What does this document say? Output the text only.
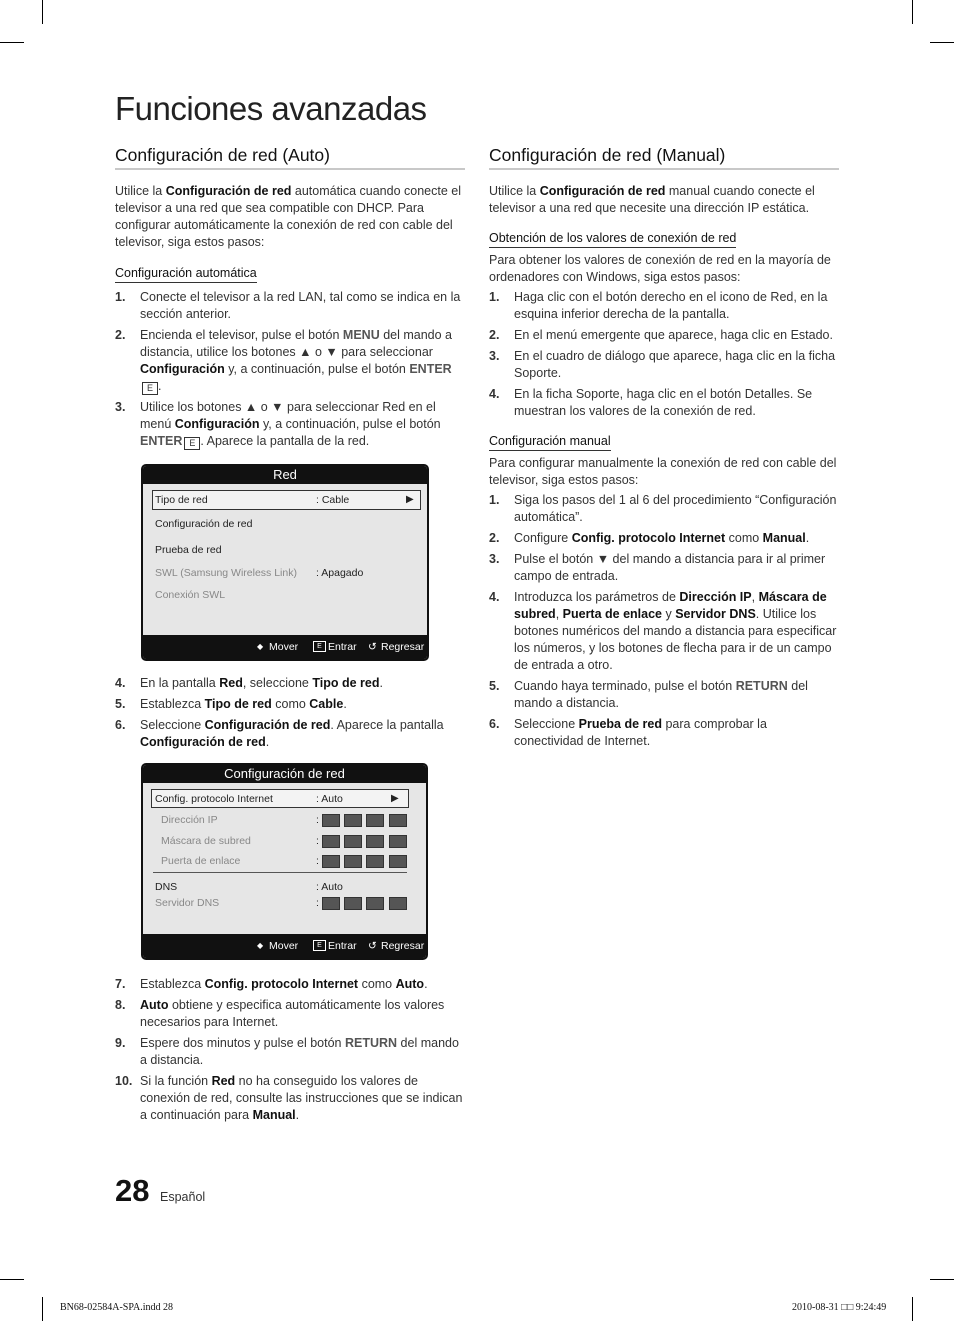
Funciones avanzadas
Configuración de red (Auto)

Utilice la Configuración de red automática cuando conecte el televisor a una red que sea compatible con DHCP. Para configurar automáticamente la conexión de red con cable del televisor, siga estos pasos:

Configuración automática
1. Conecte el televisor a la red LAN, tal como se indica en la sección anterior.
2. Encienda el televisor, pulse el botón MENU del mando a distancia, utilice los botones ▲ o ▼ para seleccionar Configuración y, a continuación, pulse el botón ENTERE .
3. Utilice los botones ▲ o ▼ para seleccionar Red en el menú Configuración y, a continuación, pulse el botón ENTER E . Aparece la pantalla de la red.
Red
Tipo de red	: Cable	▶
Configuración de red
Prueba de red
SWL (Samsung Wireless Link) : Apagado
Conexión SWL
◆ Mover	E Entrar ↺ Regresar
4. En la pantalla Red, seleccione Tipo de red.
5. Establezca Tipo de red como Cable.
6. Seleccione Configuración de red. Aparece la pantalla Configuración de red.
Configuración de red
Config. protocolo Internet	: Auto	▶
Dirección IP	:
Máscara de subred	:
Puerta de enlace	:
DNS	: Auto
Servidor DNS	:
◆ Mover	E Entrar ↺ Regresar
7. Establezca Config. protocolo Internet como Auto.
8. Auto obtiene y especifica automáticamente los valores necesarios para Internet.
9. Espere dos minutos y pulse el botón RETURN del mando a distancia.
10. Si la función Red no ha conseguido los valores de conexión de red, consulte las instrucciones que se indican a continuación para Manual.
Configuración de red (Manual)

Utilice la Configuración de red manual cuando conecte el televisor a una red que necesite una dirección IP estática.

Obtención de los valores de conexión de red

Para obtener los valores de conexión de red en la mayoría de ordenadores con Windows, siga estos pasos:

1. Haga clic con el botón derecho en el icono de Red, en la esquina inferior derecha de la pantalla.
2. En el menú emergente que aparece, haga clic en Estado.
3. En el cuadro de diálogo que aparece, haga clic en la ficha Soporte.
4. En la ficha Soporte, haga clic en el botón Detalles. Se muestran los valores de la conexión de red.
Configuración manual

Para configurar manualmente la conexión de red con cable del televisor, siga estos pasos:

1. Siga los pasos del 1 al 6 del procedimiento “Configuración automática”.
2. Configure Config. protocolo Internet como Manual.
3. Pulse el botón ▼ del mando a distancia para ir al primer campo de entrada.
4. Introduzca los parámetros de Dirección IP, Máscara de subred, Puerta de enlace y Servidor DNS. Utilice los botones numéricos del mando a distancia para especificar los números, y los botones de flecha para ir de un campo de entrada a otro.
5. Cuando haya terminado, pulse el botón RETURN del mando a distancia.
6. Seleccione Prueba de red para comprobar la conectividad de Internet.
28 Español
BN68-02584A-SPA.indd 28	2010-08-31 □□ 9:24:49
